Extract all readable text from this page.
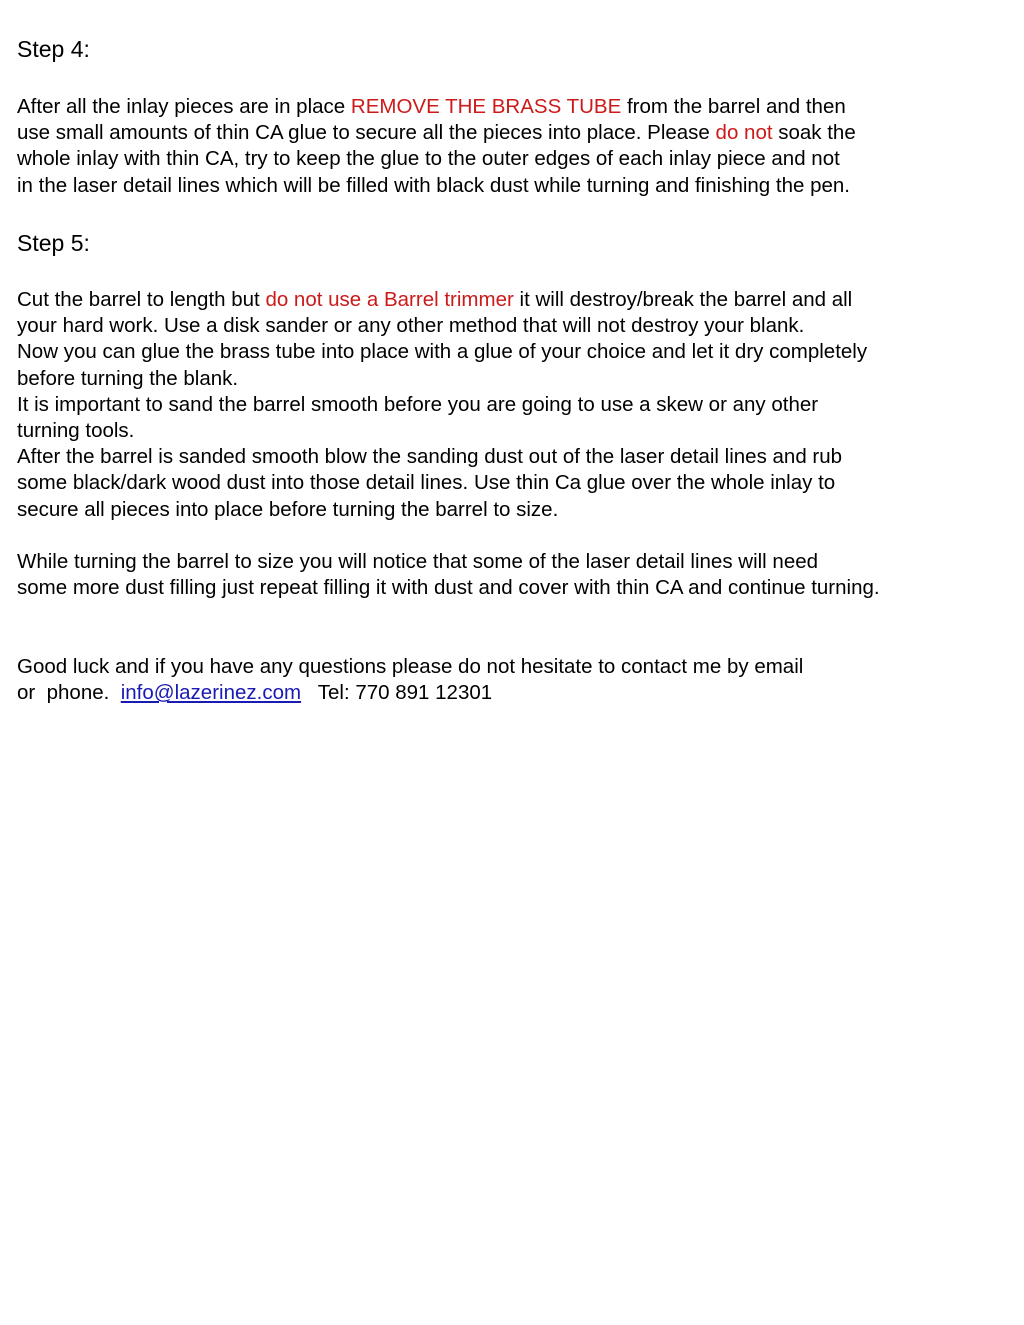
Step 4:
After all the inlay pieces are in place REMOVE THE BRASS TUBE from the barrel and then
use small amounts of thin CA glue to secure all the pieces into place. Please do not soak the
whole inlay with thin CA, try to keep the glue to the outer edges of each inlay piece and not
in the laser detail lines which will be filled with black dust while turning and finishing the pen.
Step 5:
Cut the barrel to length but do not use a Barrel trimmer it will destroy/break the barrel and all
your hard work. Use a disk sander or any other method that will not destroy your blank.
Now you can glue the brass tube into place with a glue of your choice and let it dry completely
before turning the blank.
It is important to sand the barrel smooth before you are going to use a skew or any other
turning tools.
After the barrel is sanded smooth blow the sanding dust out of the laser detail lines and rub
some black/dark wood dust into those detail lines. Use thin Ca glue over the whole inlay to
secure all pieces into place before turning the barrel to size.
While turning the barrel to size you will notice that some of the laser detail lines will need
some more dust filling just repeat filling it with dust and cover with thin CA and continue turning.
Good luck and if you have any questions please do not hesitate to contact me by email
or  phone.  info@lazerinez.com   Tel: 770 891 12301
